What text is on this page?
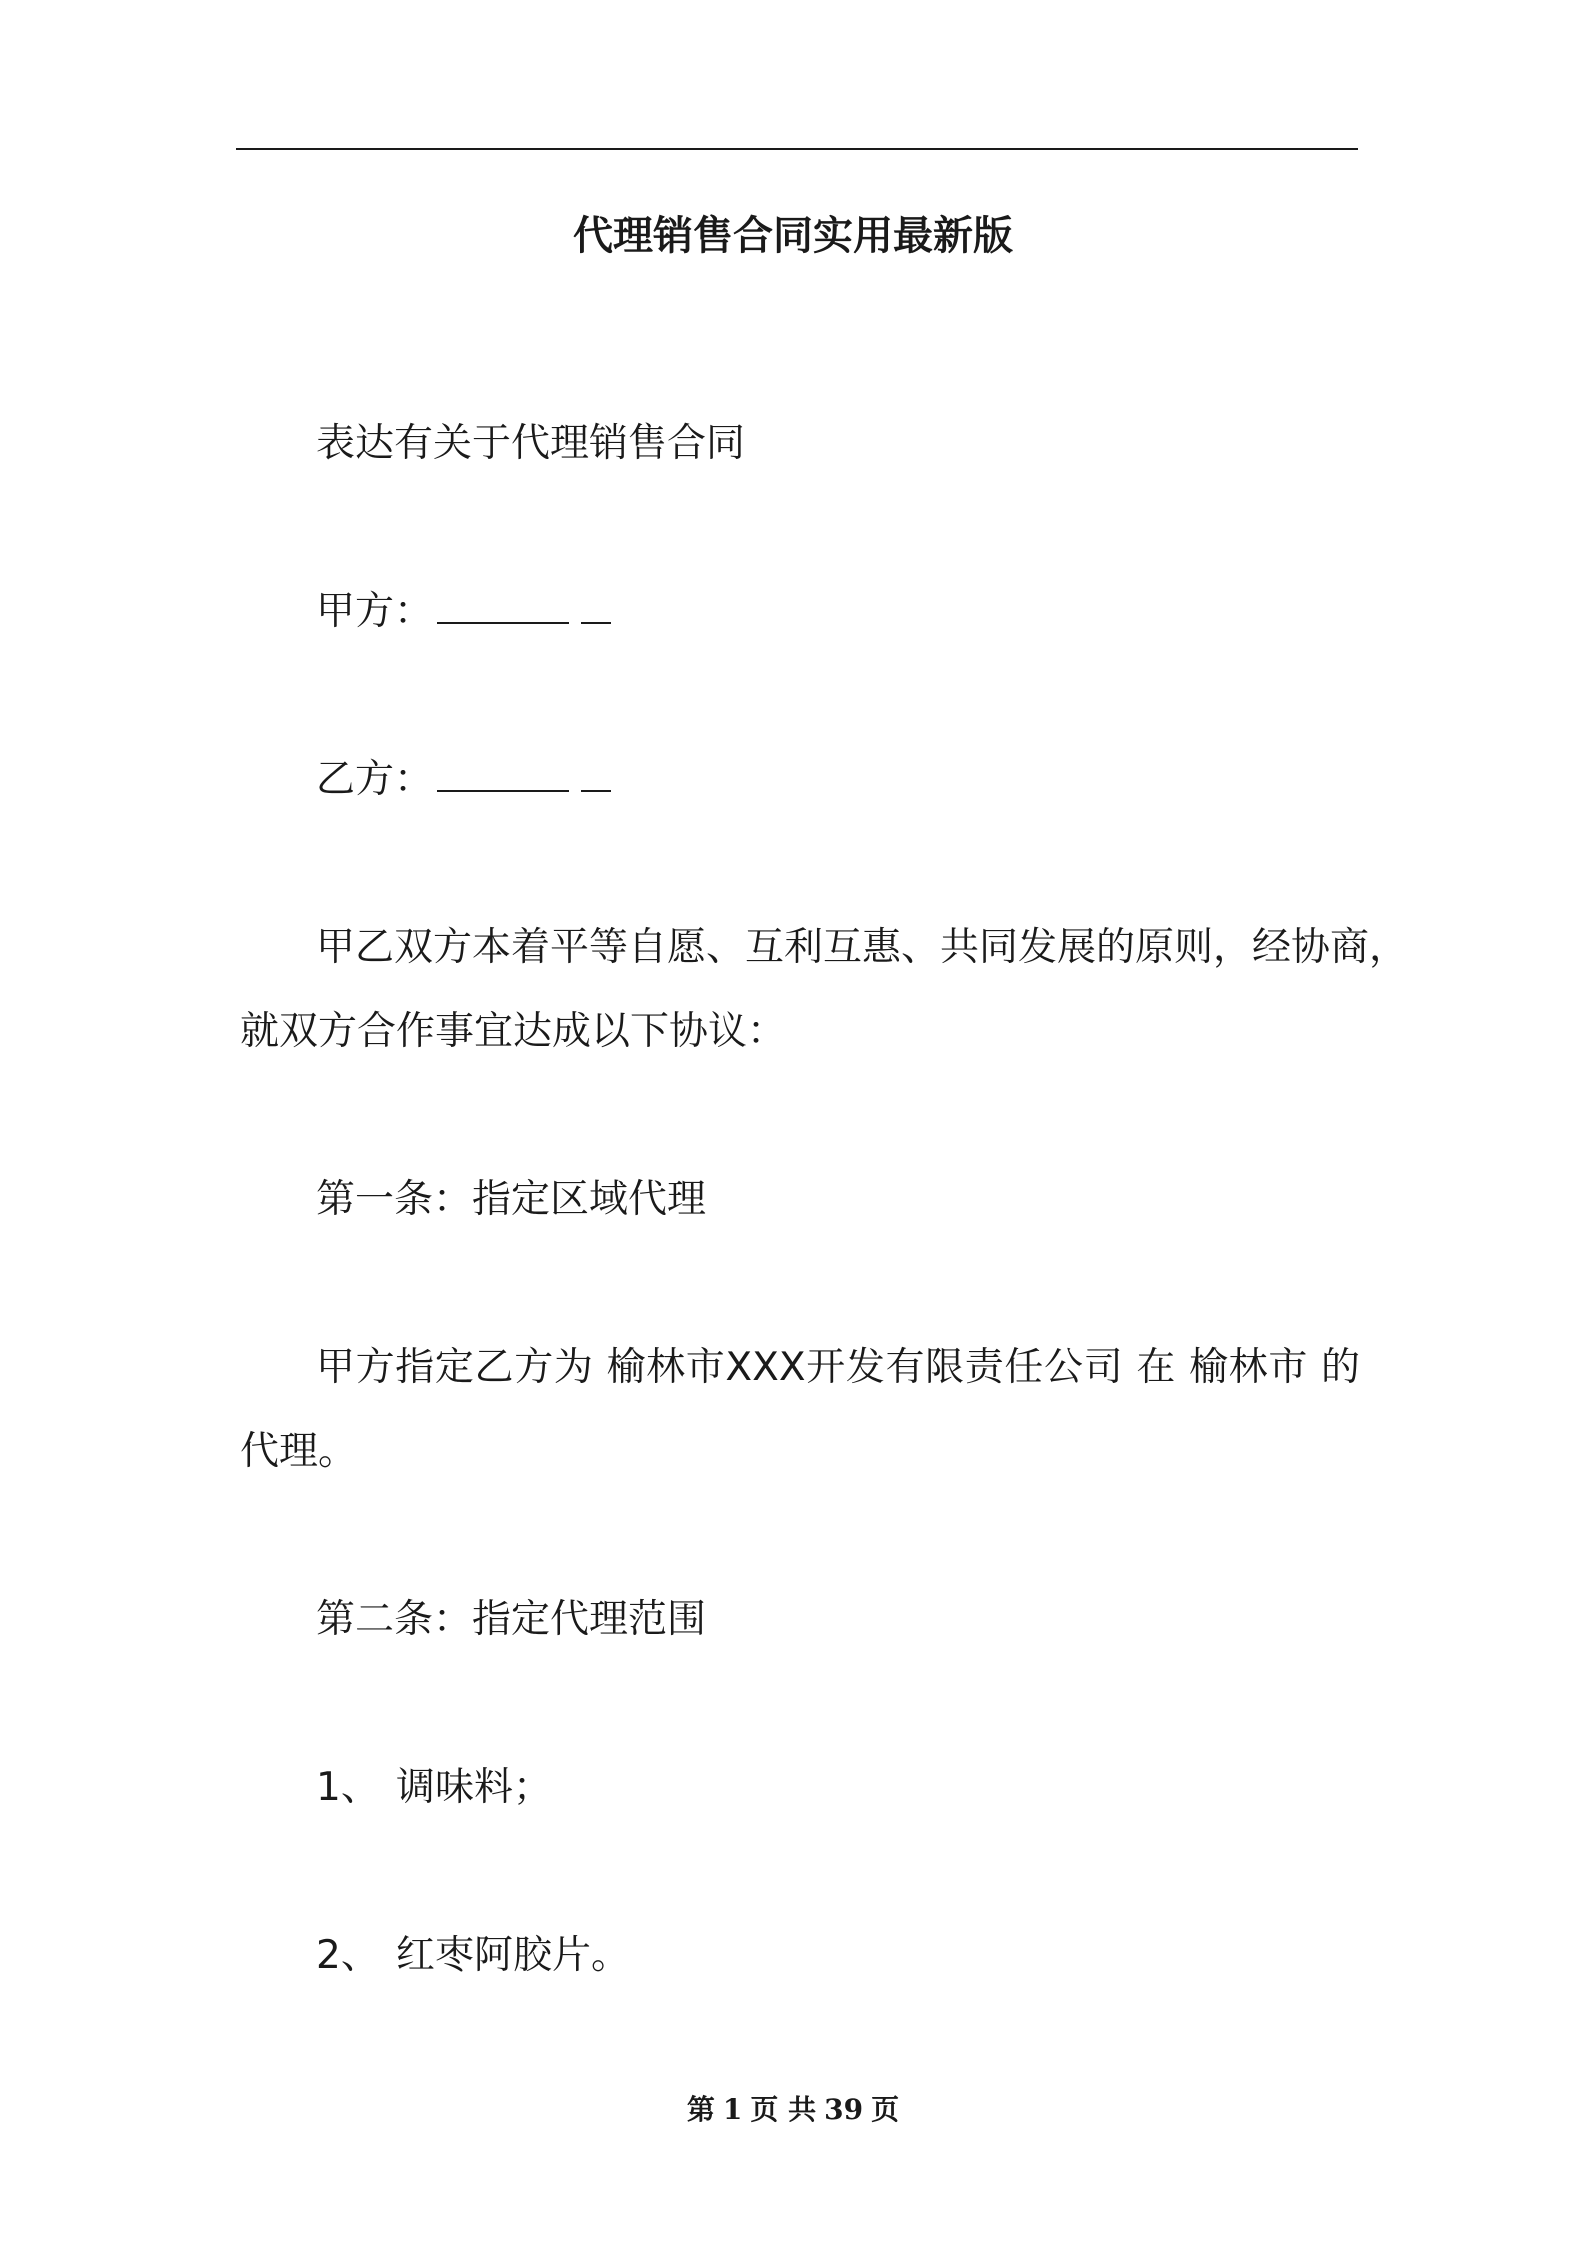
代理销售合同实用最新版
表达有关于代理销售合同
甲方：
乙方：
甲乙双方本着平等自愿、互利互惠、共同发展的原则，经协商，
就双方合作事宜达成以下协议：
第一条：指定区域代理
甲方指定乙方为 榆林市XXX开发有限责任公司 在 榆林市 的
代理。
第二条：指定代理范围
1、 调味料；
2、 红枣阿胶片。
第 1 页 共 39 页
